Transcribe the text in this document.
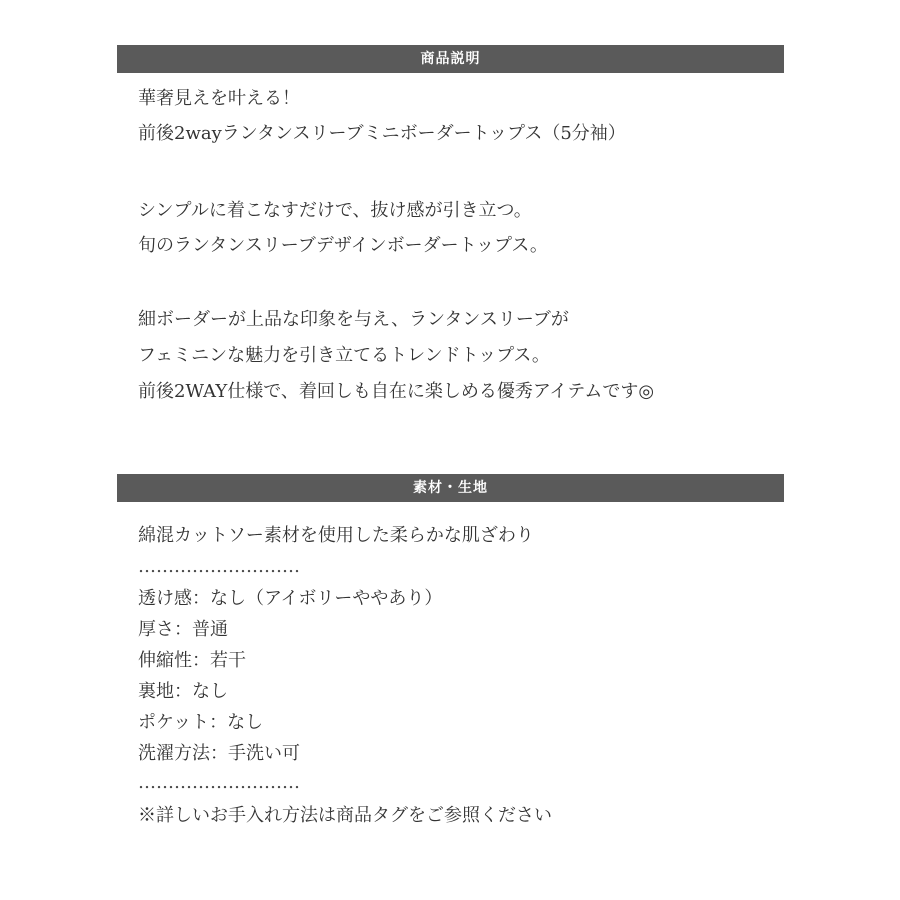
商品説明
華奢見えを叶える！
前後2wayランタンスリーブミニボーダートップス（5分袖）
シンプルに着こなすだけで、抜け感が引き立つ。
旬のランタンスリーブデザインボーダートップス。
細ボーダーが上品な印象を与え、ランタンスリーブが
フェミニンな魅力を引き立てるトレンドトップス。
前後2WAY仕様で、着回しも自在に楽しめる優秀アイテムです◎
素材・生地
綿混カットソー素材を使用した柔らかな肌ざわり
………………………
透け感：なし（アイボリーややあり）
厚さ：普通
伸縮性：若干
裏地：なし
ポケット：なし
洗濯方法：手洗い可
………………………
※詳しいお手入れ方法は商品タグをご参照ください
